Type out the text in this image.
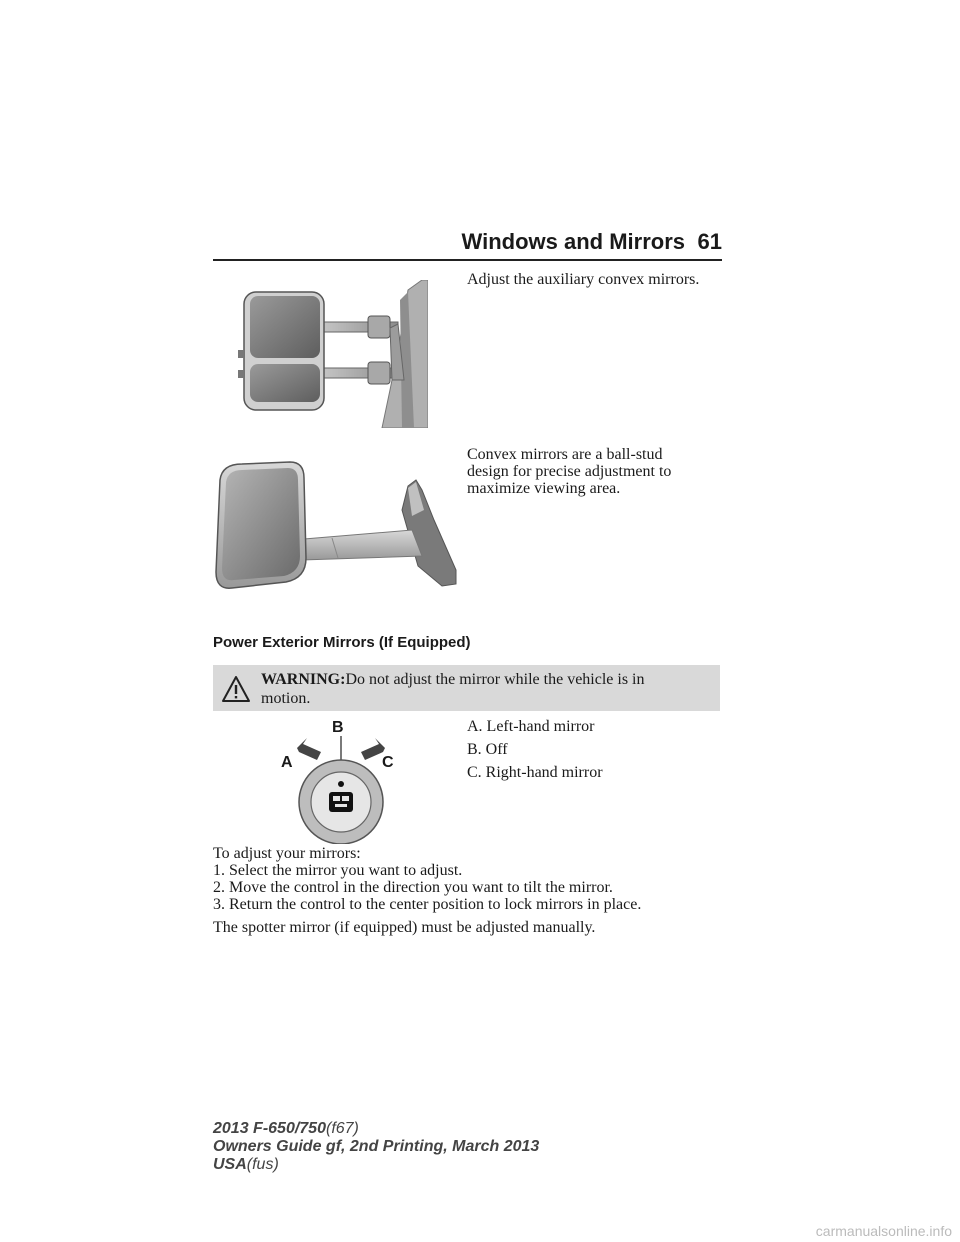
Windows and Mirrors 61
Adjust the auxiliary convex mirrors.
Convex mirrors are a ball-stud
design for precise adjustment to
maximize viewing area.
Power Exterior Mirrors (If Equipped)
WARNING:Do not adjust the mirror while the vehicle is in
motion.
B
A	C
A. Left-hand mirror
B. Off
C. Right-hand mirror
To adjust your mirrors:
1. Select the mirror you want to adjust.
2. Move the control in the direction you want to tilt the mirror.
3. Return the control to the center position to lock mirrors in place.
The spotter mirror (if equipped) must be adjusted manually.
2013 F-650/750(f67)
Owners Guide gf, 2nd Printing, March 2013
USA(fus)
carmanualsonline.info
